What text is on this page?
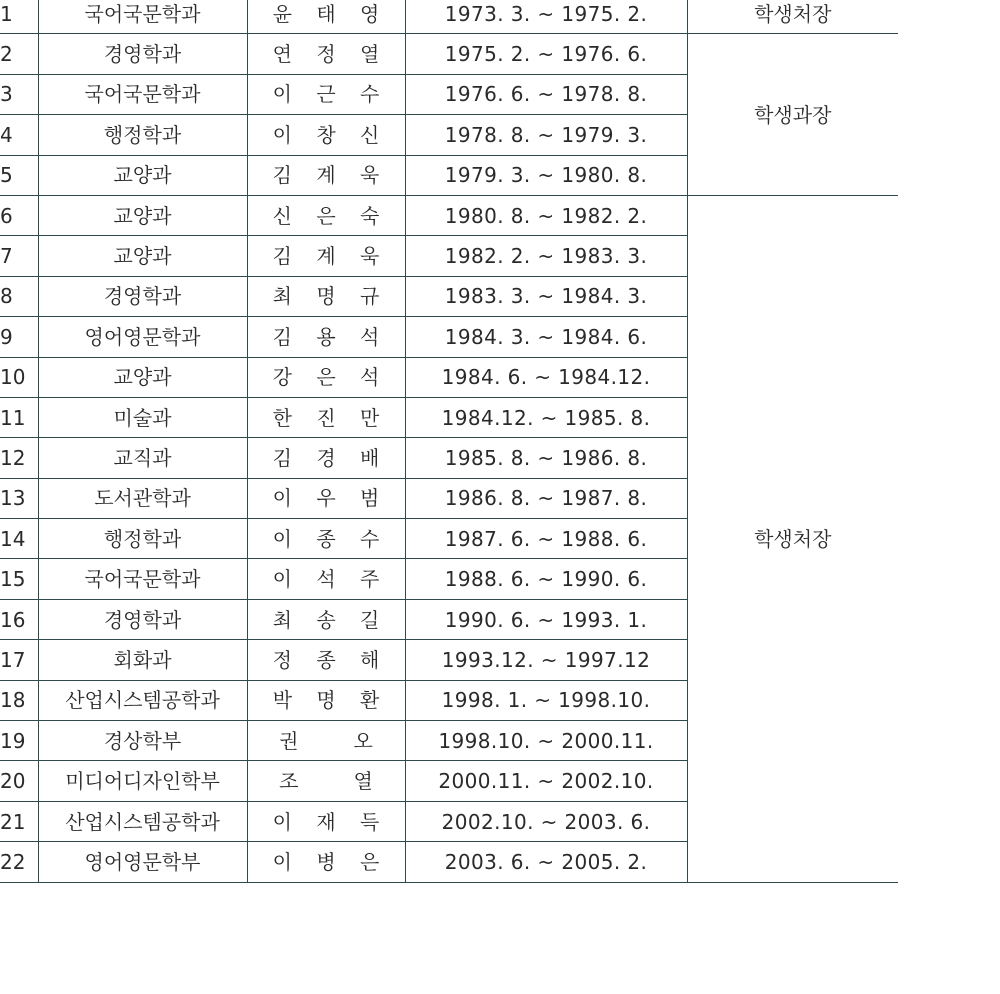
1	국어국문학과	윤 태 영	1973. 3. ~ 1975. 2.	학생처장
2	경영학과	연 정 열	1975. 2. ~ 1976. 6.	학생과장
3	국어국문학과	이 근 수	1976. 6. ~ 1978. 8.	
4	행정학과	이 창 신	1978. 8. ~ 1979. 3.	
5	교양과	김 계 욱	1979. 3. ~ 1980. 8.	
6	교양과	신 은 숙	1980. 8. ~ 1982. 2.	학생처장
7	교양과	김 계 욱	1982. 2. ~ 1983. 3.	
8	경영학과	최 명 규	1983. 3. ~ 1984. 3.	
9	영어영문학과	김 용 석	1984. 3. ~ 1984. 6.	
10	교양과	강 은 석	1984. 6. ~ 1984.12.	
11	미술과	한 진 만	1984.12. ~ 1985. 8.	
12	교직과	김 경 배	1985. 8. ~ 1986. 8.	
13	도서관학과	이 우 범	1986. 8. ~ 1987. 8.	
14	행정학과	이 종 수	1987. 6. ~ 1988. 6.	
15	국어국문학과	이 석 주	1988. 6. ~ 1990. 6.	
16	경영학과	최 송 길	1990. 6. ~ 1993. 1.	
17	회화과	정 종 해	1993.12. ~ 1997.12	
18	산업시스템공학과	박 명 환	1998. 1. ~ 1998.10.	
19	경상학부	권   오	1998.10. ~ 2000.11.	
20	미디어디자인학부	조   열	2000.11. ~ 2002.10.	
21	산업시스템공학과	이 재 득	2002.10. ~ 2003. 6.	
22	영어영문학부	이 병 은	2003. 6. ~ 2005. 2.	
